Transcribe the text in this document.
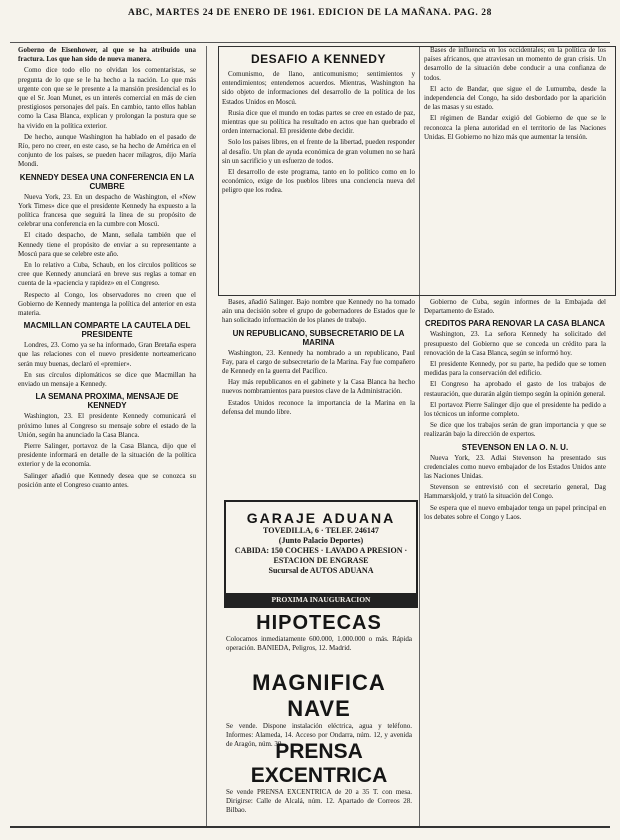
ABC, MARTES 24 DE ENERO DE 1961. EDICION DE LA MAÑANA. PAG. 28

Goberno de Eisenhower, al que se ha atribuido una fractura. Los que han sido de nueva manera.

Como dice todo ello no olvidan los comentaristas, se pregunta de lo que se le ha hecho a la nación. Lo que más urgente con que se le presente a la mansión presidencial es lo que el Sr. Joan Munet, es un interés comercial en más de cien prestigiosos personajes del país. En cambio, tanto ellos hablan como la Casa Blanca, explican y prolongan la postura que se ha vivido en la política exterior.

De hecho, aunque Washington ha hablado en el pasado de Río, pero no creer, en este caso, se ha hecho de América en el conjunto de los países, se pueden hacer milagros, dijo María Mondi.

KENNEDY DESEA UNA CONFERENCIA EN LA CUMBRE

Nueva York, 23. En un despacho de Washington, el «New York Times» dice que el presidente Kennedy ha expuesto a la política francesa que seguirá la línea de su propósito de celebrar una conferencia en la cumbre con Moscú.

El citado despacho, de Mann, señala también que el Kennedy tiene el propósito de enviar a su representante a Moscú para que se celebre este año.

En lo relativo a Cuba, Schaub, en los círculos políticos se cree que Kennedy anunciará en breve sus reglas a tomar en cuenta de la «paciencia y rapidez» en el Congreso.

Respecto al Congo, los observadores no creen que el Gobierno de Kennedy mantenga la política del anterior en esta materia.

MACMILLAN COMPARTE LA CAUTELA DEL PRESIDENTE

Londres, 23. Como ya se ha informado, Gran Bretaña espera que las relaciones con el nuevo presidente norteamericano serán muy buenas, declaró el «premier».

En sus círculos diplomáticos se dice que Macmillan ha enviado un mensaje a Kennedy.

LA SEMANA PROXIMA, MENSAJE DE KENNEDY

Washington, 23. El presidente Kennedy comunicará el próximo lunes al Congreso su mensaje sobre el estado de la Unión, según ha anunciado la Casa Blanca.

Pierre Salinger, portavoz de la Casa Blanca, dijo que el presidente informará en detalle de la situación de la política exterior y de la economía.

Salinger añadió que Kennedy desea que se conozca su posición ante el Congreso cuanto antes.

DESAFIO A KENNEDY

Comunismo, de llano, anticomunismo; sentimientos y entendimientos; entendemos acuerdos. Mientras, Washington ha sido objeto de informaciones del desarrollo de la política de los Estados Unidos en Moscú.

Rusia dice que el mundo en todas partes se cree en estado de paz, mientras que su política ha resultado en actos que han quebrado el orden internacional. El presidente debe decidir.

Solo los países libres, en el frente de la libertad, pueden responder al desafío. Un plan de ayuda económica de gran volumen no se hará sin un sacrificio y un esfuerzo de todos.

El desarrollo de este programa, tanto en lo político como en lo económico, exige de los pueblos libres una conciencia nueva del peligro que los rodea.

Bases de influencia en los occidentales; en la política de los países africanos, que atraviesan un momento de gran crisis. Un desarrollo de la situación debe conducir a una confianza de todos.

El acto de Bandar, que sigue el de Lumumba, desde la independencia del Congo, ha sido desbordado por la aparición de las masas y su estado.

El régimen de Bandar exigió del Gobierno de que se le reconozca la plena autoridad en el territorio de las Naciones Unidas. El Gobierno no hizo más que aumentar la tensión.

Bases, añadió Salinger. Bajo nombre que Kennedy no ha tomado aún una decisión sobre el grupo de gobernadores de Estados que le han solicitado información de los planes de trabajo.

UN REPUBLICANO, SUBSECRETARIO DE LA MARINA

Washington, 23. Kennedy ha nombrado a un republicano, Paul Fay, para el cargo de subsecretario de la Marina. Fay fue compañero de Kennedy en la guerra del Pacífico.

Hay más republicanos en el gabinete y la Casa Blanca ha hecho nuevos nombramientos para puestos clave de la Administración.

Estados Unidos reconoce la importancia de la Marina en la defensa del mundo libre.

Gobierno de Cuba, según informes de la Embajada del Departamento de Estado.

CREDITOS PARA RENOVAR LA CASA BLANCA

Washington, 23. La señora Kennedy ha solicitado del presupuesto del Gobierno que se conceda un crédito para la renovación de la Casa Blanca, según se informó hoy.

El presidente Kennedy, por su parte, ha pedido que se tomen medidas para la conservación del edificio.

El Congreso ha aprobado el gasto de los trabajos de restauración, que durarán algún tiempo según la opinión general.

El portavoz Pierre Salinger dijo que el presidente ha pedido a los técnicos un informe completo.

Se dice que los trabajos serán de gran importancia y que se realizarán bajo la dirección de expertos.

STEVENSON EN LA O. N. U.

Nueva York, 23. Adlai Stevenson ha presentado sus credenciales como nuevo embajador de los Estados Unidos ante las Naciones Unidas.

Stevenson se entrevistó con el secretario general, Dag Hammarskjold, y trató la situación del Congo.

Se espera que el nuevo embajador tenga un papel principal en los debates sobre el Congo y Laos.

GARAJE ADUANA
TOVEDILLA, 6 · TELEF. 246147
(Junto Palacio Deportes)
CABIDA: 150 COCHES · LAVADO A PRESION · ESTACION DE ENGRASE
Sucursal de AUTOS ADUANA
PROXIMA INAUGURACION
HIPOTECAS
Colocamos inmediatamente 600.000, 1.000.000 o más. Rápida operación. BANIEDA, Peligros, 12. Madrid.
MAGNIFICA NAVE
Se vende. Dispone instalación eléctrica, agua y teléfono. Informes: Alameda, 14. Acceso por Ondarra, núm. 12, y avenida de Aragón, núm. 30.
PRENSA EXCENTRICA
Se vende PRENSA EXCENTRICA de 20 a 35 T. con mesa. Dirigirse: Calle de Alcalá, núm. 12. Apartado de Correos 28. Bilbao.
